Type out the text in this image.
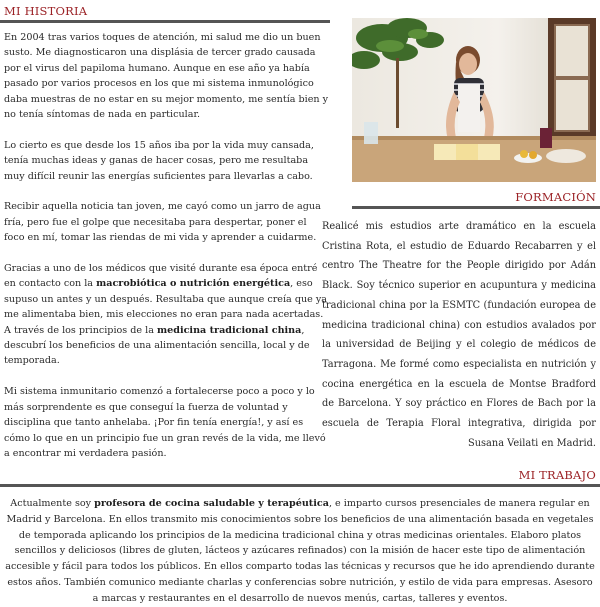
MI HISTORIA

En 2004 tras varios toques de atención, mi salud me dio un buen susto. Me diagnosticaron una displásia de tercer grado causada por el virus del papiloma humano. Aunque en ese año ya había pasado por varios procesos en los que mi sistema inmunológico daba muestras de no estar en su mejor momento, me sentía bien y no tenía síntomas de nada en particular.

Lo cierto es que desde los 15 años iba por la vida muy cansada, tenía muchas ideas y ganas de hacer cosas, pero me resultaba muy difícil reunir las energías suficientes para llevarlas a cabo.

Recibir aquella noticia tan joven, me cayó como un jarro de agua fría, pero fue el golpe que necesitaba para despertar, poner el foco en mí, tomar las riendas de mi vida y aprender a cuidarme.

Gracias a uno de los médicos que visité durante esa época entré en contacto con la macrobiótica o nutrición energética, eso supuso un antes y un después. Resultaba que aunque creía que ya me alimentaba bien, mis elecciones no eran para nada acertadas. A través de los principios de la medicina tradicional china, descubrí los beneficios de una alimentación sencilla, local y de temporada.

Mi sistema inmunitario comenzó a fortalecerse poco a poco y lo más sorprendente es que conseguí la fuerza de voluntad y disciplina que tanto anhelaba. ¡Por fin tenía energía!, y así es cómo lo que en un principio fue un gran revés de la vida, me llevó a encontrar mi verdadera pasión.

FORMACIÓN
Realicé mis estudios arte dramático en la escuela Cristina Rota, el estudio de Eduardo Recabarren y el centro The Theatre for the People dirigido por Adán Black. Soy técnico superior en acupuntura y medicina tradicional china por la ESMTC (fundación europea de medicina tradicional china) con estudios avalados por la universidad de Beijing y el colegio de médicos de Tarragona. Me formé como especialista en nutrición y cocina energética en la escuela de Montse Bradford de Barcelona. Y soy práctico en Flores de Bach por la escuela de Terapia Floral integrativa, dirigida por Susana Veilati en Madrid.
MI TRABAJO
Actualmente soy profesora de cocina saludable y terapéutica, e imparto cursos presenciales de manera regular en Madrid y Barcelona. En ellos transmito mis conocimientos sobre los beneficios de una alimentación basada en vegetales de temporada aplicando los principios de la medicina tradicional china y otras medicinas orientales. Elaboro platos sencillos y deliciosos (libres de gluten, lácteos y azúcares refinados) con la misión de hacer este tipo de alimentación accesible y fácil para todos los públicos. En ellos comparto todas las técnicas y recursos que he ido aprendiendo durante estos años. También comunico mediante charlas y conferencias sobre nutrición, y estilo de vida para empresas. Asesoro a marcas y restaurantes en el desarrollo de nuevos menús, cartas, talleres y eventos.
